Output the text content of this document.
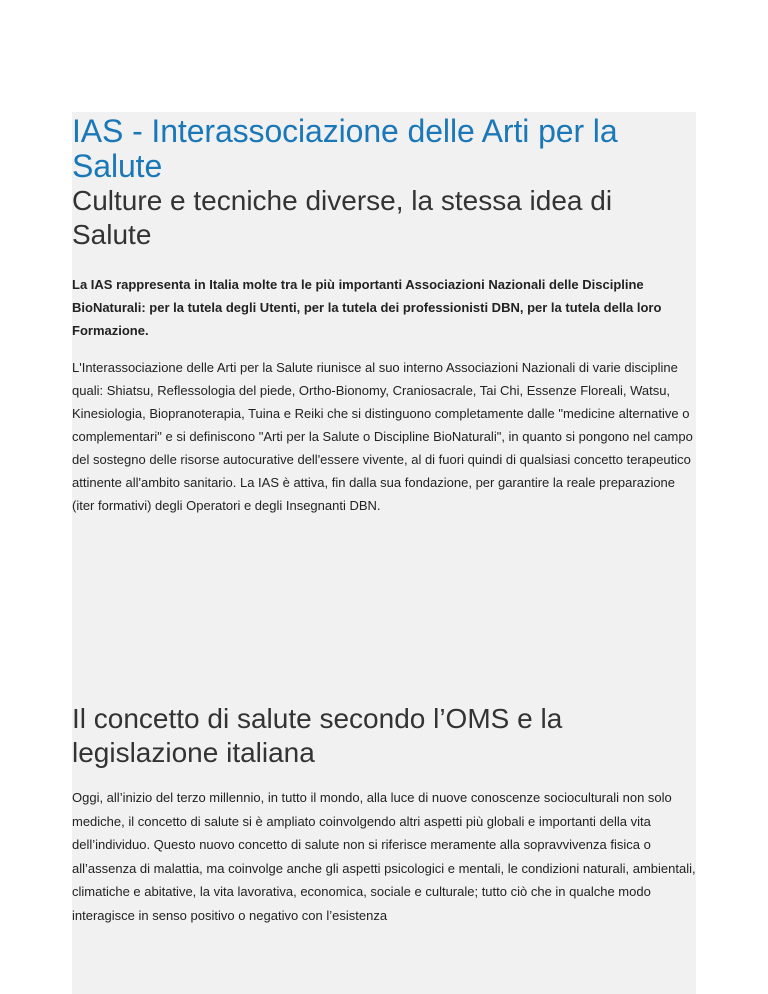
IAS - Interassociazione delle Arti per la Salute
Culture e tecniche diverse, la stessa idea di Salute

La IAS rappresenta in Italia molte tra le più importanti Associazioni Nazionali delle Discipline BioNaturali: per la tutela degli Utenti, per la tutela dei professionisti DBN, per la tutela della loro Formazione.

L'Interassociazione delle Arti per la Salute riunisce al suo interno Associazioni Nazionali di varie discipline quali: Shiatsu, Reflessologia del piede, Ortho-Bionomy, Craniosacrale, Tai Chi, Essenze Floreali, Watsu, Kinesiologia, Biopranoterapia, Tuina e Reiki che si distinguono completamente dalle "medicine alternative o complementari" e si definiscono "Arti per la Salute o Discipline BioNaturali", in quanto si pongono nel campo del sostegno delle risorse autocurative dell'essere vivente, al di fuori quindi di qualsiasi concetto terapeutico attinente all'ambito sanitario. La IAS è attiva, fin dalla sua fondazione, per garantire la reale preparazione (iter formativi) degli Operatori e degli Insegnanti DBN.

Il concetto di salute secondo l’OMS e la legislazione italiana

Oggi, all’inizio del terzo millennio, in tutto il mondo, alla luce di nuove conoscenze socioculturali non solo mediche, il concetto di salute si è ampliato coinvolgendo altri aspetti più globali e importanti della vita dell’individuo. Questo nuovo concetto di salute non si riferisce meramente alla sopravvivenza fisica o all’assenza di malattia, ma coinvolge anche gli aspetti psicologici e mentali, le condizioni naturali, ambientali, climatiche e abitative, la vita lavorativa, economica, sociale e culturale; tutto ciò che in qualche modo interagisce in senso positivo o negativo con l’esistenza
